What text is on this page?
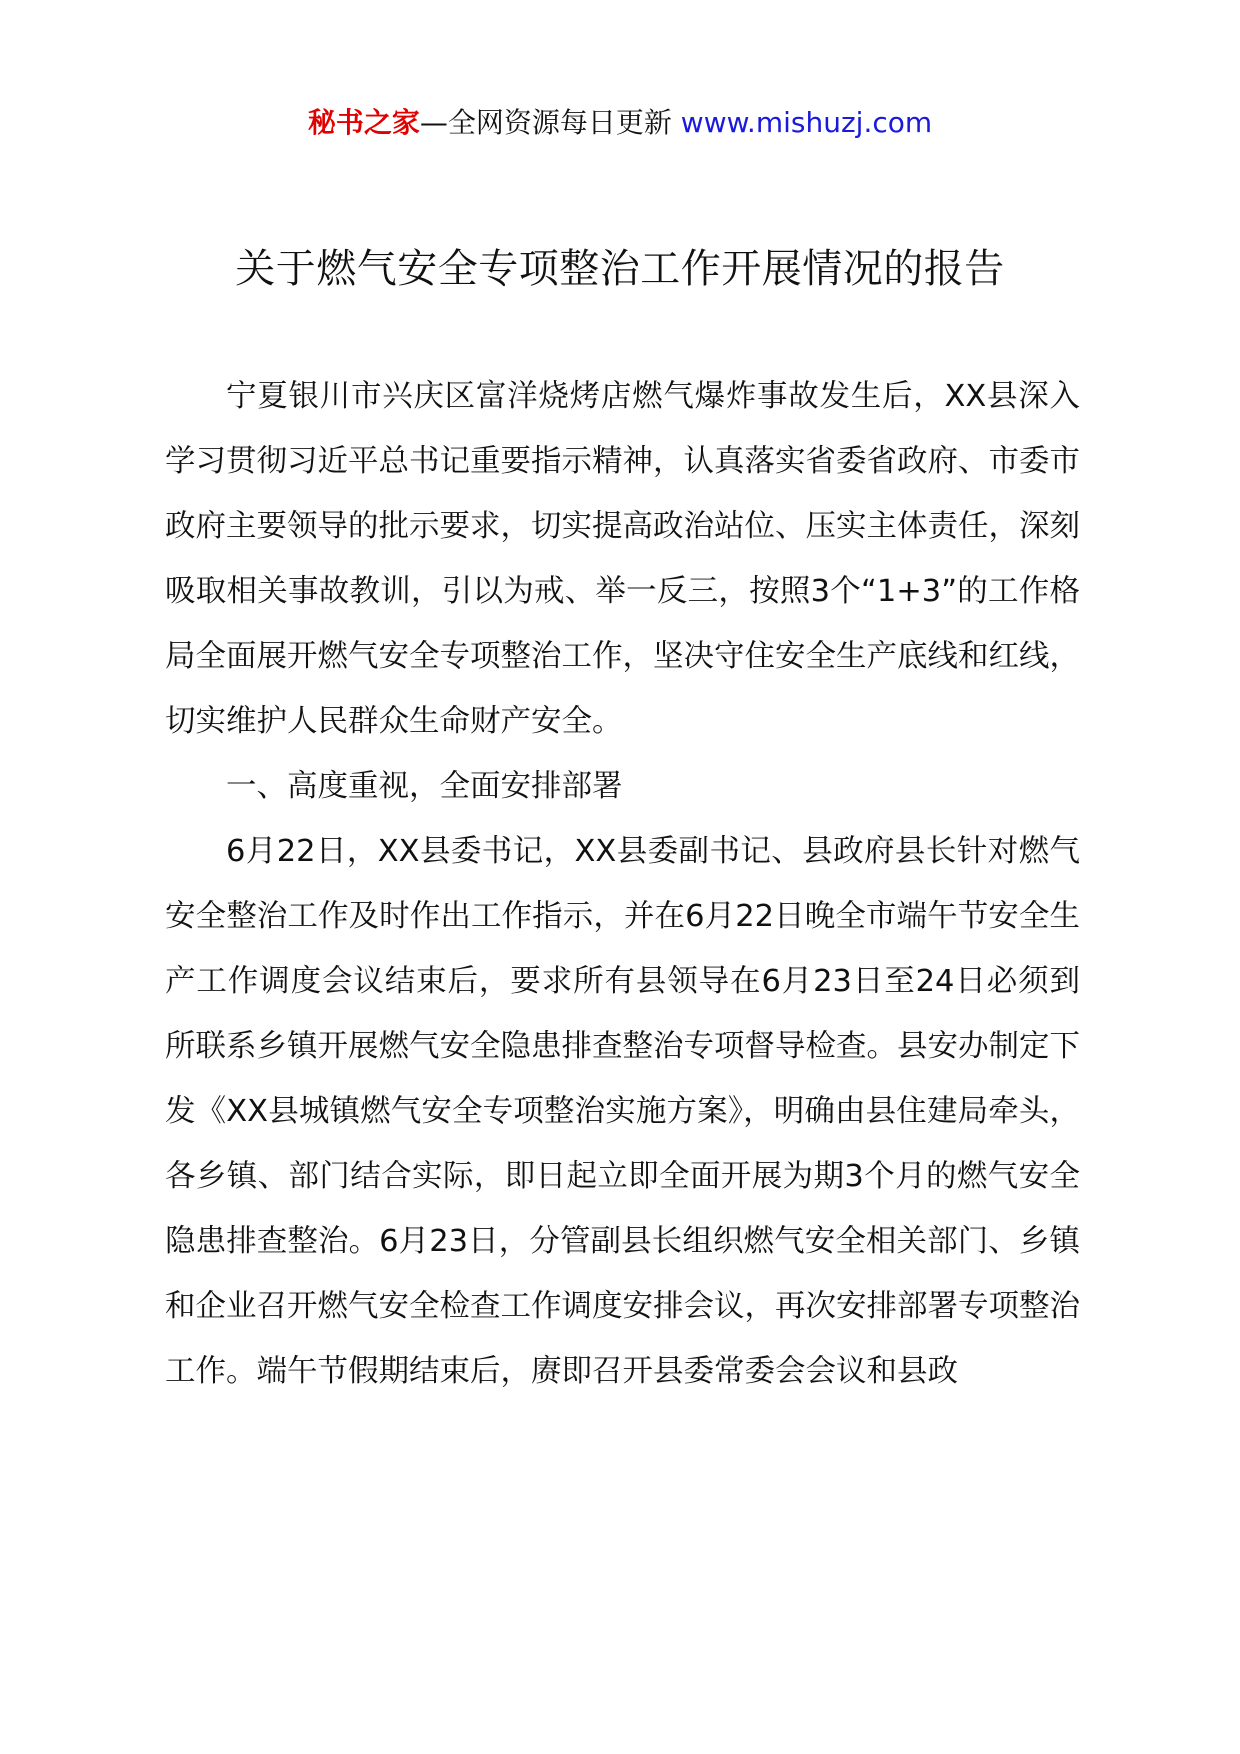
秘书之家—全网资源每日更新 www.mishuzj.com
关于燃气安全专项整治工作开展情况的报告

宁夏银川市兴庆区富洋烧烤店燃气爆炸事故发生后，XX县深入学习贯彻习近平总书记重要指示精神，认真落实省委省政府、市委市政府主要领导的批示要求，切实提高政治站位、压实主体责任，深刻吸取相关事故教训，引以为戒、举一反三，按照3个“1+3”的工作格局全面展开燃气安全专项整治工作，坚决守住安全生产底线和红线，切实维护人民群众生命财产安全。

一、高度重视，全面安排部署

6月22日，XX县委书记，XX县委副书记、县政府县长针对燃气安全整治工作及时作出工作指示，并在6月22日晚全市端午节安全生产工作调度会议结束后，要求所有县领导在6月23日至24日必须到所联系乡镇开展燃气安全隐患排查整治专项督导检查。县安办制定下发《XX县城镇燃气安全专项整治实施方案》，明确由县住建局牵头，各乡镇、部门结合实际，即日起立即全面开展为期3个月的燃气安全隐患排查整治。6月23日，分管副县长组织燃气安全相关部门、乡镇和企业召开燃气安全检查工作调度安排会议，再次安排部署专项整治工作。端午节假期结束后，赓即召开县委常委会会议和县政
